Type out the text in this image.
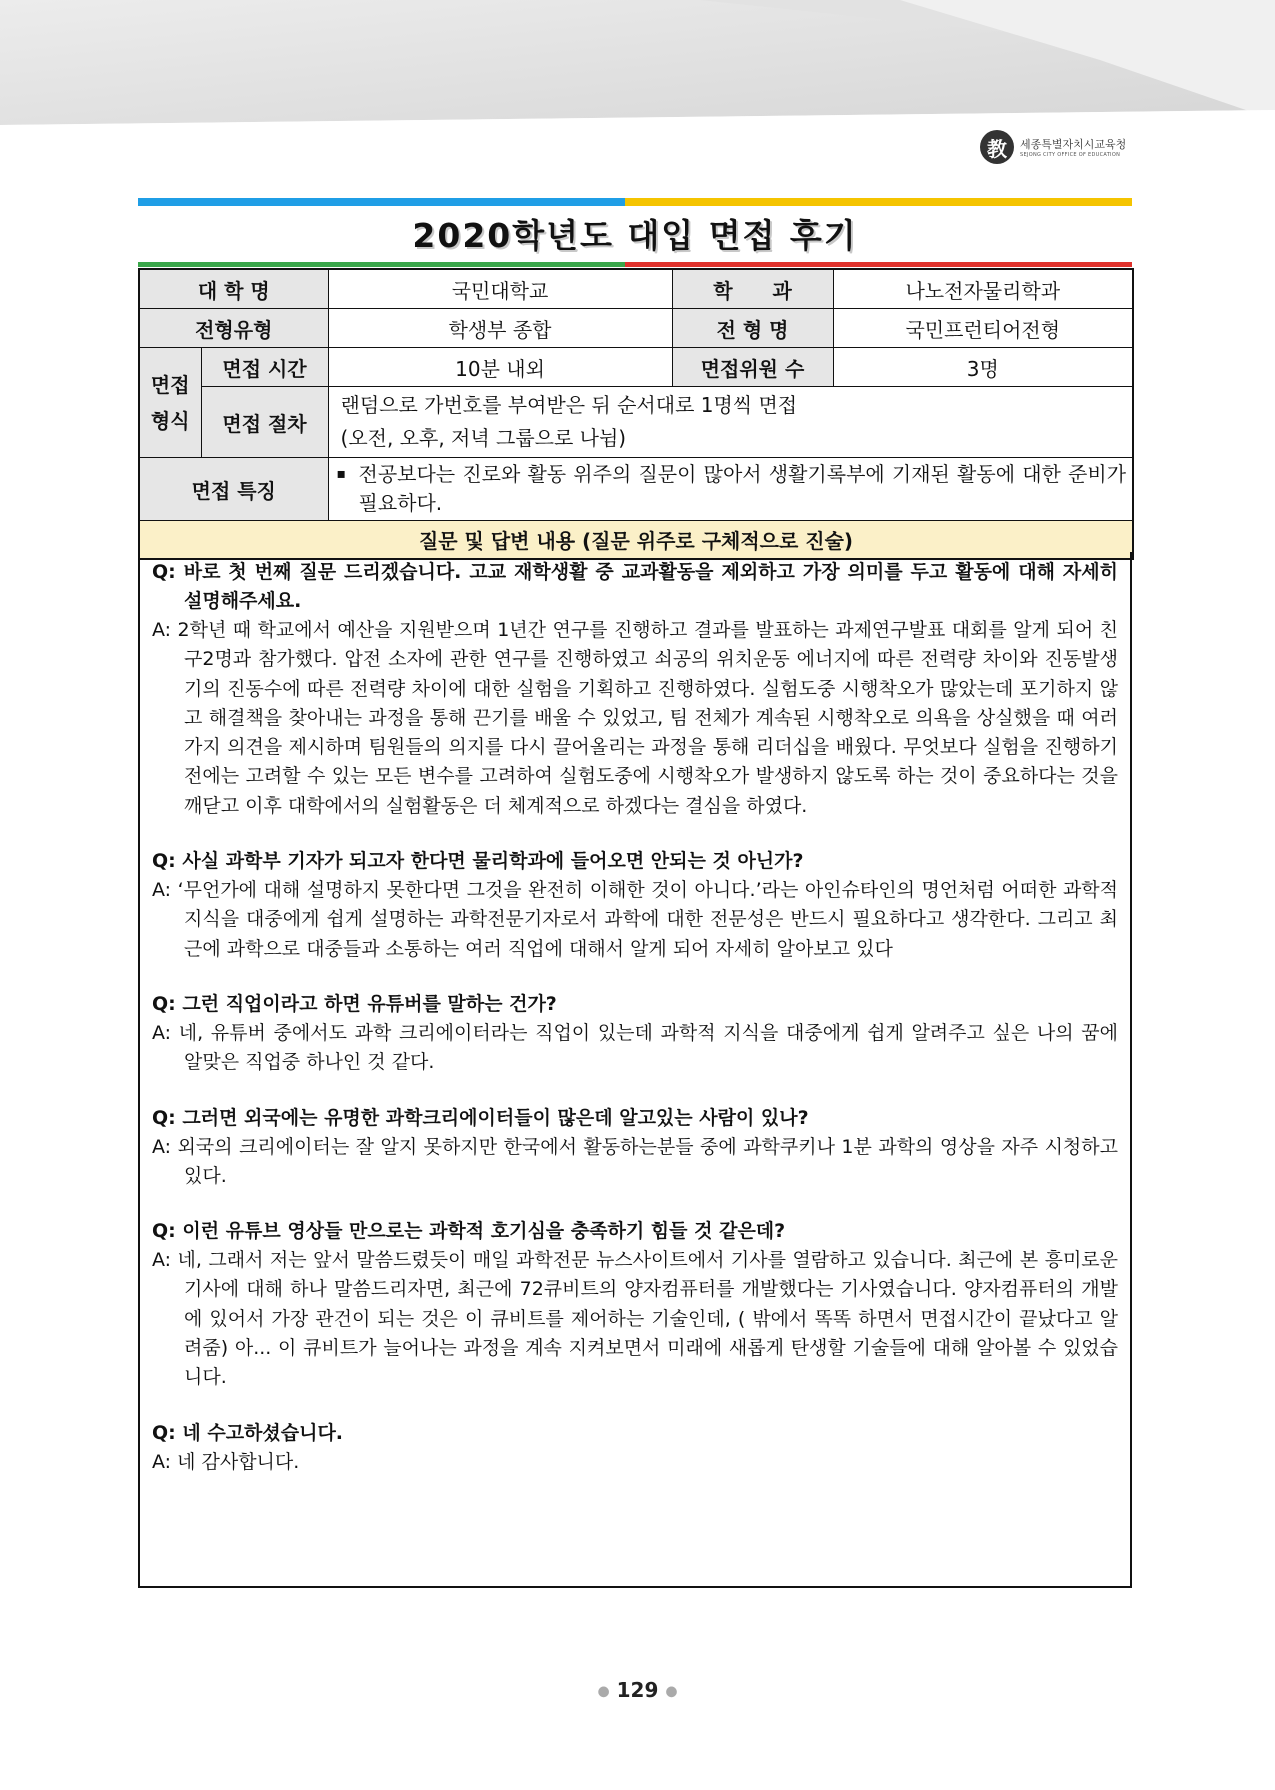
教	세종특별자치시교육청
SEJONG CITY OFFICE OF EDUCATION
2020학년도 대입 면접 후기
대 학 명		국민대학교	학　　과	나노전자물리학과
전형유형		학생부 종합	전 형 명	국민프런티어전형
면접
형식	면접 시간	10분 내외	면접위원 수	3명
	면접 절차	랜덤으로 가번호를 부여받은 뒤 순서대로 1명씩 면접
(오전, 오후, 저녁 그룹으로 나뉨)		

면접 특징		▪ 전공보다는 진로와 활동 위주의 질문이 많아서 생활기록부에 기재된 활동에 대한 준비가 필요하다.		

질문 및 답변 내용 (질문 위주로 구체적으로 진술)				
Q: 바로 첫 번째 질문 드리겠습니다. 고교 재학생활 중 교과활동을 제외하고 가장 의미를 두고 활동에 대해 자세히 설명해주세요.
A: 2학년 때 학교에서 예산을 지원받으며 1년간 연구를 진행하고 결과를 발표하는 과제연구발표 대회를 알게 되어 친구2명과 참가했다. 압전 소자에 관한 연구를 진행하였고 쇠공의 위치운동 에너지에 따른 전력량 차이와 진동발생기의 진동수에 따른 전력량 차이에 대한 실험을 기획하고 진행하였다. 실험도중 시행착오가 많았는데 포기하지 않고 해결책을 찾아내는 과정을 통해 끈기를 배울 수 있었고, 팀 전체가 계속된 시행착오로 의욕을 상실했을 때 여러 가지 의견을 제시하며 팀원들의 의지를 다시 끌어올리는 과정을 통해 리더십을 배웠다. 무엇보다 실험을 진행하기 전에는 고려할 수 있는 모든 변수를 고려하여 실험도중에 시행착오가 발생하지 않도록 하는 것이 중요하다는 것을 깨닫고 이후 대학에서의 실험활동은 더 체계적으로 하겠다는 결심을 하였다.
Q: 사실 과학부 기자가 되고자 한다면 물리학과에 들어오면 안되는 것 아닌가?
A: ‘무언가에 대해 설명하지 못한다면 그것을 완전히 이해한 것이 아니다.’라는 아인슈타인의 명언처럼 어떠한 과학적 지식을 대중에게 쉽게 설명하는 과학전문기자로서 과학에 대한 전문성은 반드시 필요하다고 생각한다. 그리고 최근에 과학으로 대중들과 소통하는 여러 직업에 대해서 알게 되어 자세히 알아보고 있다
Q: 그런 직업이라고 하면 유튜버를 말하는 건가?
A: 네, 유튜버 중에서도 과학 크리에이터라는 직업이 있는데 과학적 지식을 대중에게 쉽게 알려주고 싶은 나의 꿈에 알맞은 직업중 하나인 것 같다.
Q: 그러면 외국에는 유명한 과학크리에이터들이 많은데 알고있는 사람이 있나?
A: 외국의 크리에이터는 잘 알지 못하지만 한국에서 활동하는분들 중에 과학쿠키나 1분 과학의 영상을 자주 시청하고 있다.
Q: 이런 유튜브 영상들 만으로는 과학적 호기심을 충족하기 힘들 것 같은데?
A: 네, 그래서 저는 앞서 말씀드렸듯이 매일 과학전문 뉴스사이트에서 기사를 열람하고 있습니다. 최근에 본 흥미로운 기사에 대해 하나 말씀드리자면, 최근에 72큐비트의 양자컴퓨터를 개발했다는 기사였습니다. 양자컴퓨터의 개발에 있어서 가장 관건이 되는 것은 이 큐비트를 제어하는 기술인데, ( 밖에서 똑똑 하면서 면접시간이 끝났다고 알려줌) 아... 이 큐비트가 늘어나는 과정을 계속 지켜보면서 미래에 새롭게 탄생할 기술들에 대해 알아볼 수 있었습니다.
Q: 네 수고하셨습니다.
A: 네 감사합니다.
● 129 ●
